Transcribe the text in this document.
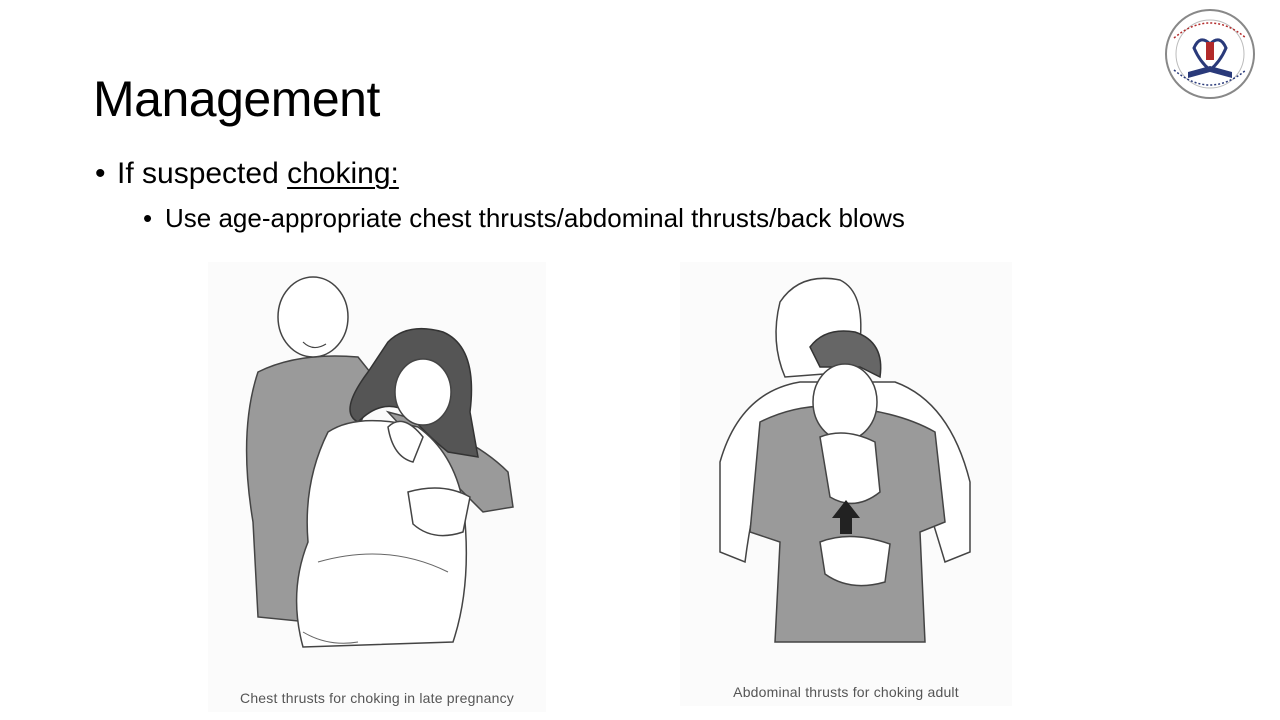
Management
• If suspected choking:
• Use age-appropriate chest thrusts/abdominal thrusts/back blows
Chest thrusts for choking in late pregnancy	Abdominal thrusts for choking adult
